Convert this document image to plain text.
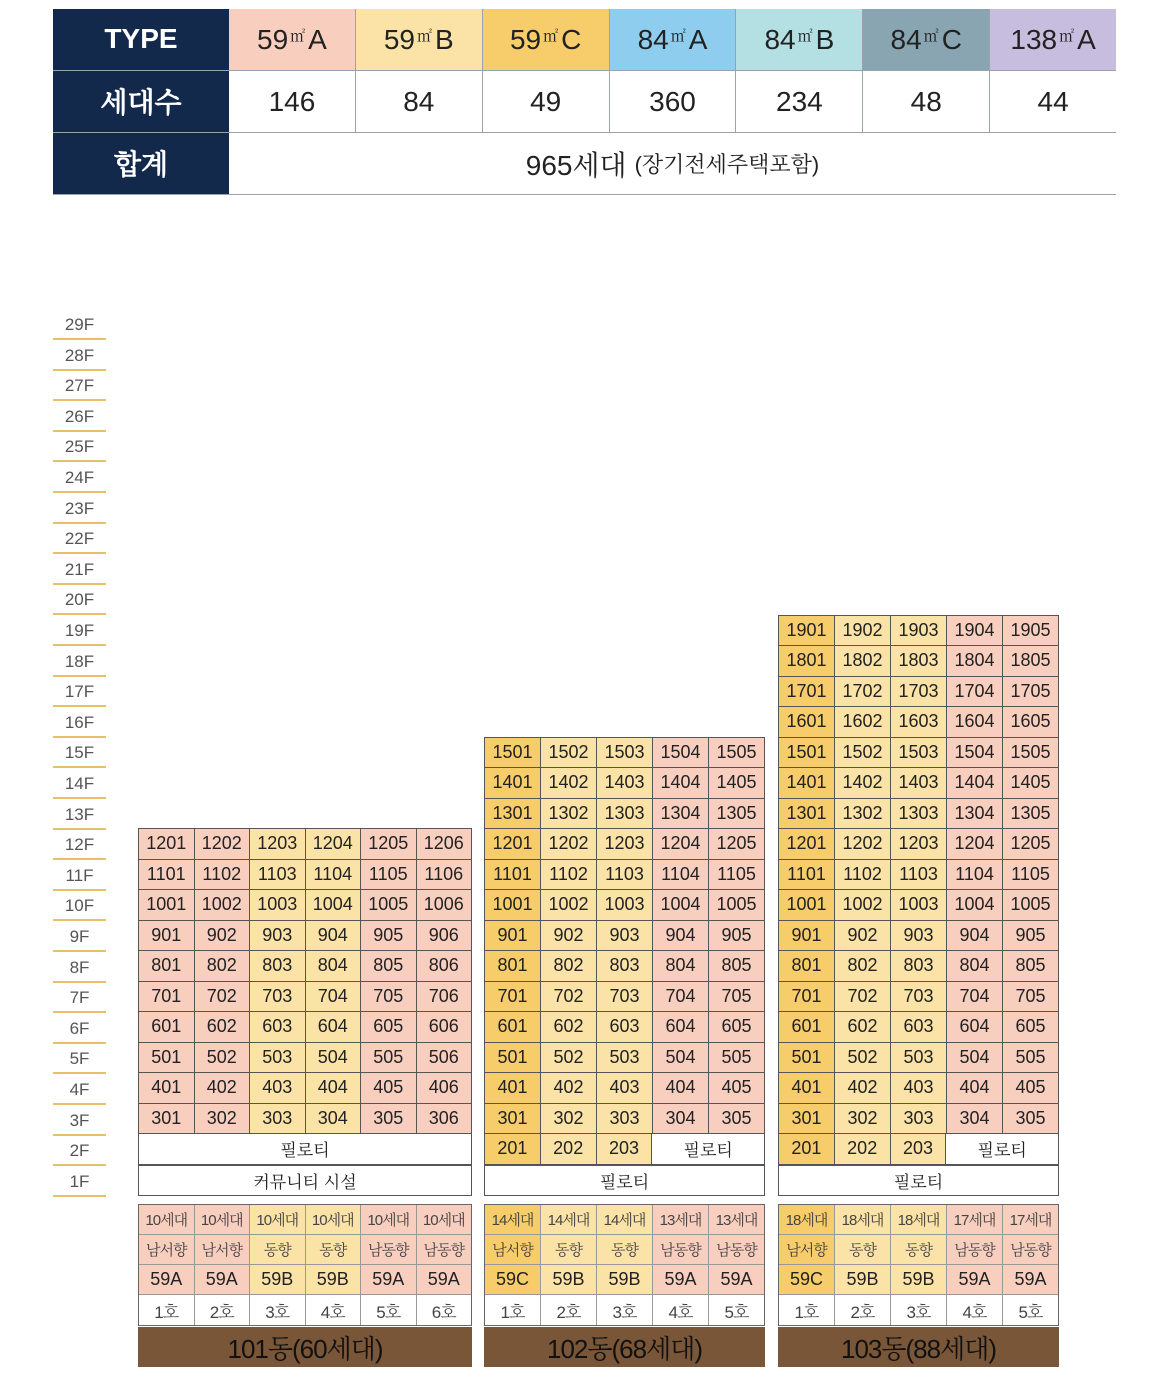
TYPE	59 ㎡ A 59 ㎡ B 59 ㎡ C 84 ㎡ A 84 ㎡ B 84 ㎡ C 138 ㎡ A
세대수	146	84	49	360	234	48	44
합계	965세대 (장기전세주택포함)
29F
28F
27F
26F
25F
24F
23F
22F
21F
20F
19F
18F
17F
16F
15F
14F
13F
12F
11F
10F
9F
8F
7F
6F
5F
4F
3F
2F
1F
1201 1202 1203 1204 1205 1206
1101 1102 1103 1104 1105 1106
1001 1002 1003 1004 1005 1006
901	902	903	904	905	906
801	802	803	804	805	806
701	702	703	704	705	706
601	602	603	604	605	606
501	502	503	504	505	506
401	402	403	404	405	406
301	302	303	304	305	306
필로티
커뮤니티 시설
10세대 10세대 10세대 10세대 10세대 10세대
남서향	남서향	동향	동향	남동향	남동향
59A	59A	59B	59B	59A	59A
1호	2호	3호	4호	5호	6호
101동(60세대)
1501 1502 1503 1504 1505
1401 1402 1403 1404 1405
1301 1302 1303 1304 1305
1201 1202 1203 1204 1205
1101 1102 1103 1104 1105
1001 1002 1003 1004 1005
901	902	903	904	905
801	802	803	804	805
701	702	703	704	705
601	602	603	604	605
501	502	503	504	505
401	402	403	404	405
301	302	303	304	305
201	202	203	필로티
필로티
14세대 14세대 14세대 13세대 13세대
남서향	동향	동향	남동향	남동향
59C	59B	59B	59A	59A
1호	2호	3호	4호	5호
102동(68세대)
1901 1902 1903 1904 1905
1801 1802 1803 1804 1805
1701 1702 1703 1704 1705
1601 1602 1603 1604 1605
1501 1502 1503 1504 1505
1401 1402 1403 1404 1405
1301 1302 1303 1304 1305
1201 1202 1203 1204 1205
1101 1102 1103 1104 1105
1001 1002 1003 1004 1005
901	902	903	904	905
801	802	803	804	805
701	702	703	704	705
601	602	603	604	605
501	502	503	504	505
401	402	403	404	405
301	302	303	304	305
201	202	203	필로티
필로티
18세대 18세대 18세대 17세대 17세대
남서향	동향	동향	남동향	남동향
59C	59B	59B	59A	59A
1호	2호	3호	4호	5호
103동(88세대)
